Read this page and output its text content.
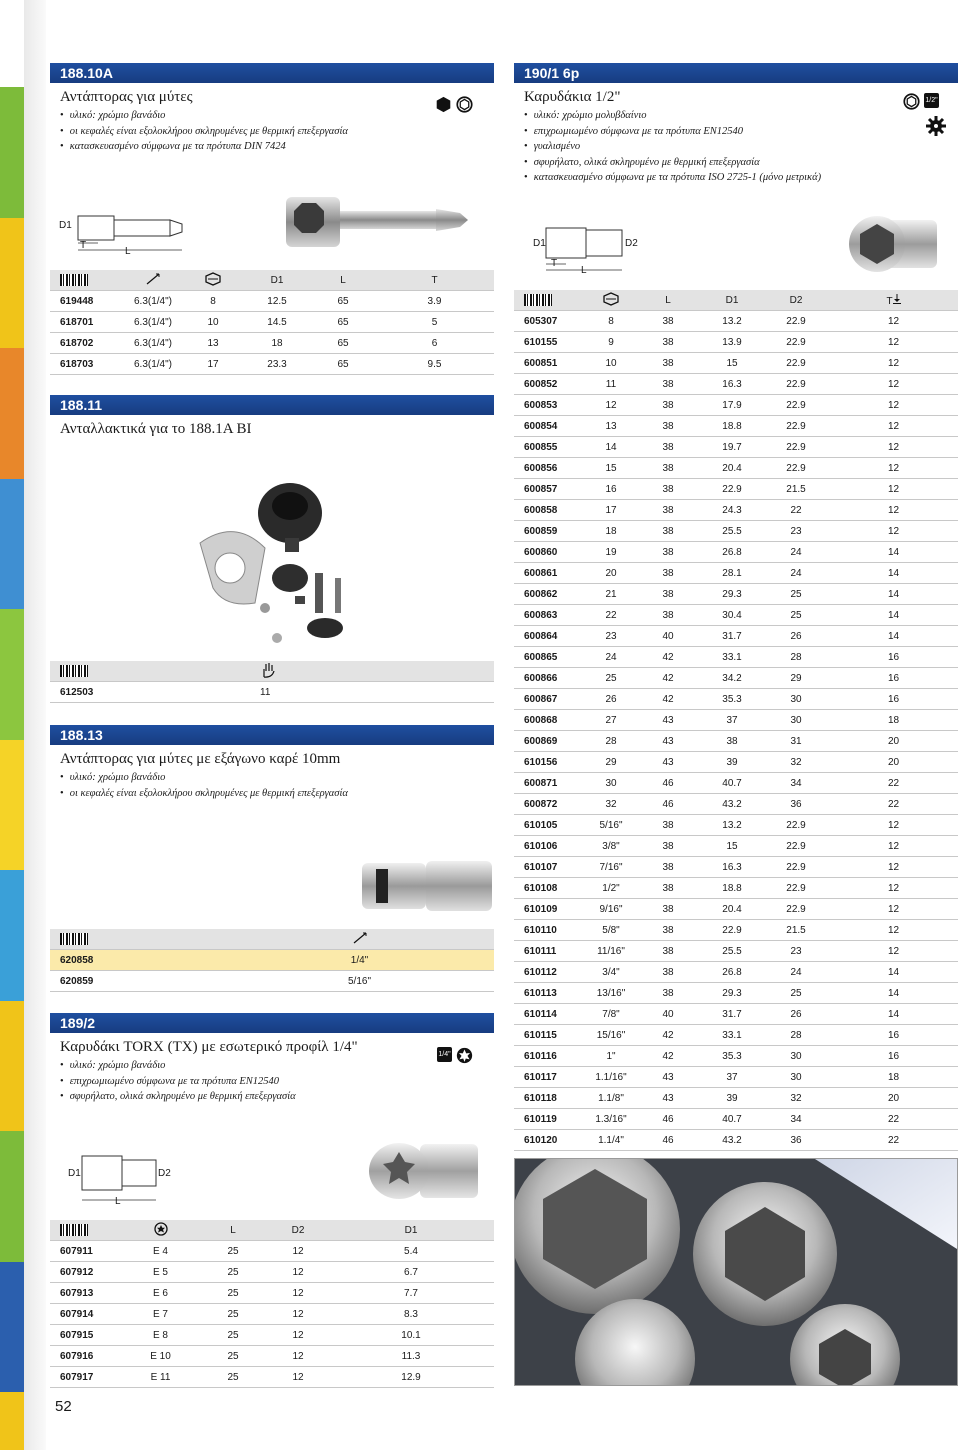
188.10A
Αντάπτορας για μύτες
• υλικό: χρώμιο βανάδιο
• οι κεφαλές είναι εξολοκλήρου σκληρυμένες με θερμική επεξεργασία
• κατασκευασμένο σύμφωνα με τα πρότυπα DIN 7424
D1
T
L
			D1	L	T
619448	6.3(1/4")	8	12.5	65	3.9
618701	6.3(1/4")	10	14.5	65	5
618702	6.3(1/4")	13	18	65	6
618703	6.3(1/4")	17	23.3	65	9.5
188.11
Ανταλλακτικά για το 188.1A BI

612503	11
188.13
Αντάπτορας για μύτες με εξάγωνο καρέ 10mm
• υλικό: χρώμιο βανάδιο
• οι κεφαλές είναι εξολοκλήρου σκληρυμένες με θερμική επεξεργασία

620858	1/4"
620859	5/16"
189/2
Καρυδάκι TORX (TX) με εσωτερικό προφίλ 1/4"
• υλικό: χρώμιο βανάδιο
• επιχρωμιωμένο σύμφωνα με τα πρότυπα EN12540
• σφυρήλατο, ολικά σκληρυμένο με θερμική επεξεργασία
1/4"
D1	D2
L
		L	D2	D1
607911	E 4	25	12	5.4
607912	E 5	25	12	6.7
607913	E 6	25	12	7.7
607914	E 7	25	12	8.3
607915	E 8	25	12	10.1
607916	E 10	25	12	11.3
607917	E 11	25	12	12.9
190/1 6p
Καρυδάκια 1/2"
• υλικό: χρώμιο μολυβδαίνιο
• επιχρωμιωμένο σύμφωνα με τα πρότυπα EN12540
• γυαλισμένο
• σφυρήλατο, ολικά σκληρυμένο με θερμική επεξεργασία
• κατασκευασμένο σύμφωνα με τα πρότυπα ISO 2725-1 (μόνο μετρικά)
1/2"
D1	D2
T
L
		L	D1	D2	T
605307	8	38	13.2	22.9	12
610155	9	38	13.9	22.9	12
600851	10	38	15	22.9	12
600852	11	38	16.3	22.9	12
600853	12	38	17.9	22.9	12
600854	13	38	18.8	22.9	12
600855	14	38	19.7	22.9	12
600856	15	38	20.4	22.9	12
600857	16	38	22.9	21.5	12
600858	17	38	24.3	22	12
600859	18	38	25.5	23	12
600860	19	38	26.8	24	14
600861	20	38	28.1	24	14
600862	21	38	29.3	25	14
600863	22	38	30.4	25	14
600864	23	40	31.7	26	14
600865	24	42	33.1	28	16
600866	25	42	34.2	29	16
600867	26	42	35.3	30	16
600868	27	43	37	30	18
600869	28	43	38	31	20
610156	29	43	39	32	20
600871	30	46	40.7	34	22
600872	32	46	43.2	36	22
610105	5/16"	38	13.2	22.9	12
610106	3/8"	38	15	22.9	12
610107	7/16"	38	16.3	22.9	12
610108	1/2"	38	18.8	22.9	12
610109	9/16"	38	20.4	22.9	12
610110	5/8"	38	22.9	21.5	12
610111	11/16"	38	25.5	23	12
610112	3/4"	38	26.8	24	14
610113	13/16"	38	29.3	25	14
610114	7/8"	40	31.7	26	14
610115	15/16"	42	33.1	28	16
610116	1"	42	35.3	30	16
610117	1.1/16"	43	37	30	18
610118	1.1/8"	43	39	32	20
610119	1.3/16"	46	40.7	34	22
610120	1.1/4"	46	43.2	36	22
52
